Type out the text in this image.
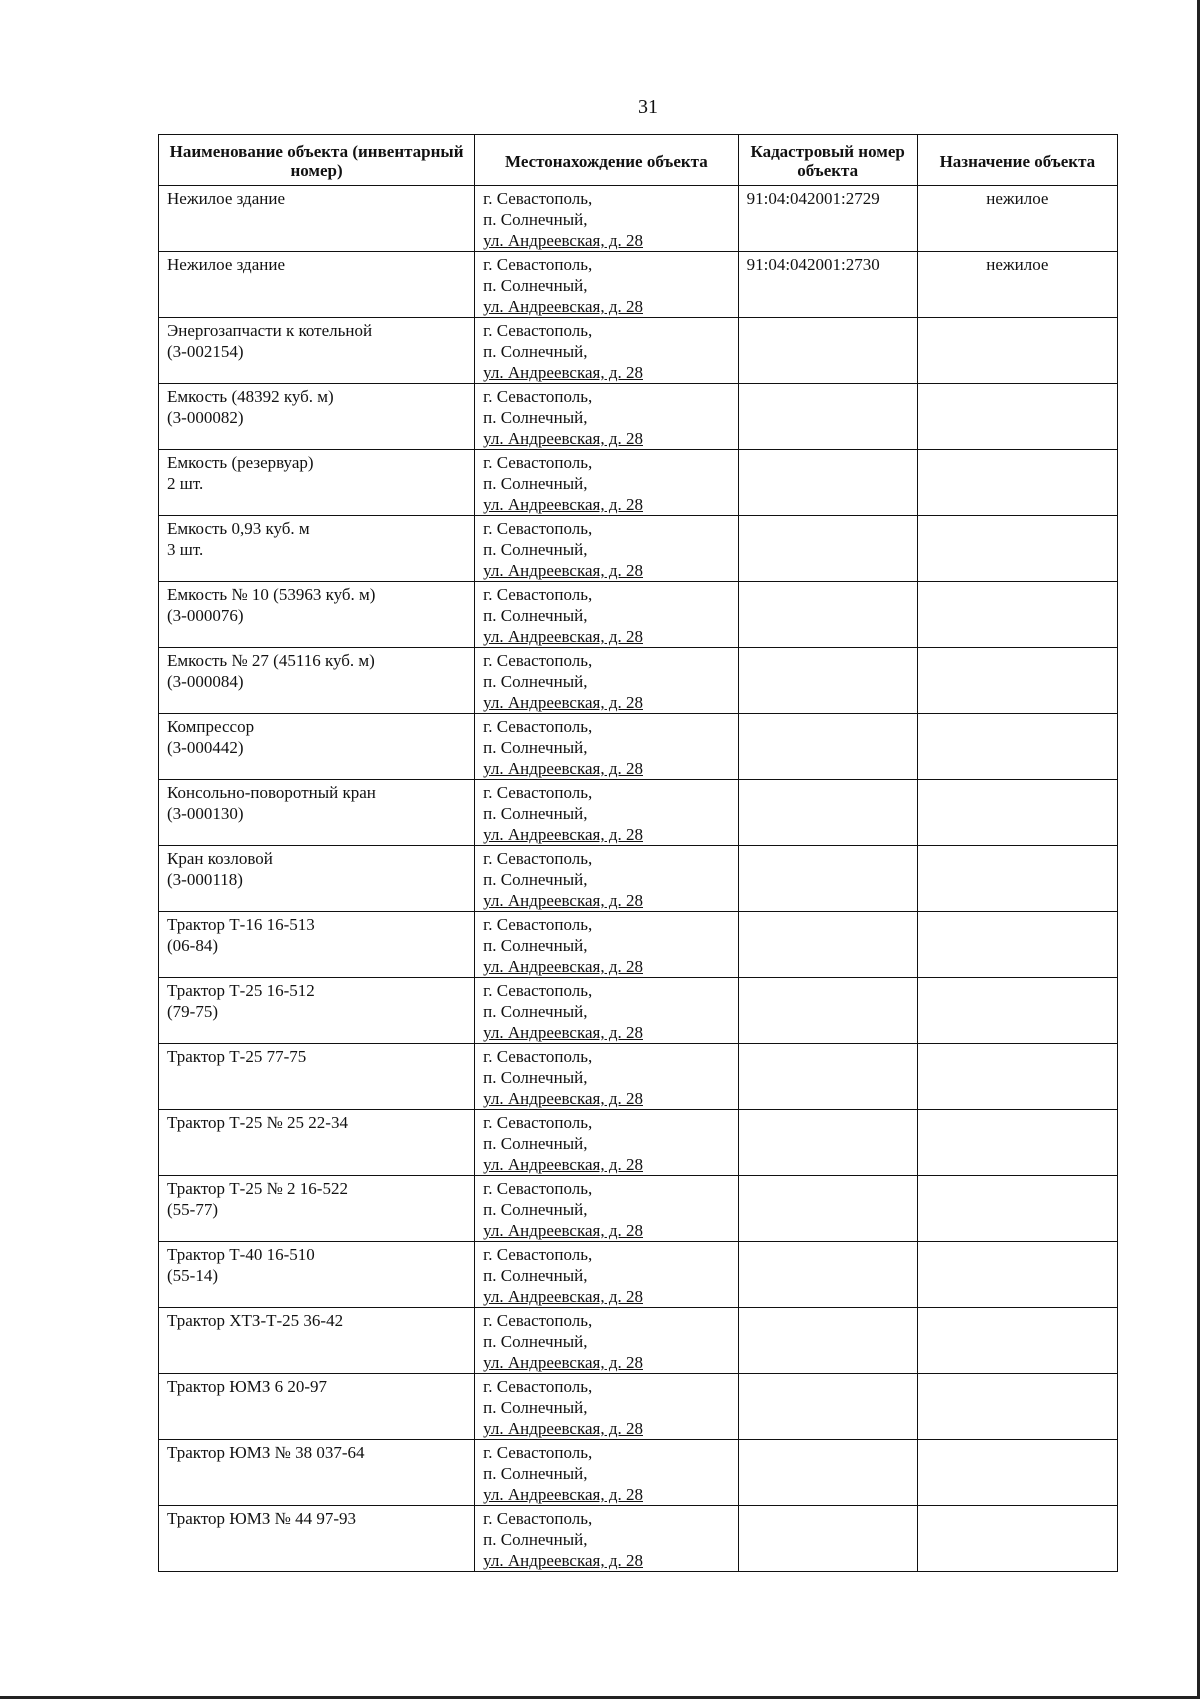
31
Наименование объекта (инвентарный номер)	Местонахождение объекта	Кадастровый номер объекта	Назначение объекта

Нежилое здание	г. Севастополь,
п. Солнечный,
ул. Андреевская, д. 28	91:04:042001:2729	нежилое

Нежилое здание	г. Севастополь,
п. Солнечный,
ул. Андреевская, д. 28	91:04:042001:2730	нежилое

Энергозапчасти к котельной
(3-002154)	г. Севастополь,
п. Солнечный,
ул. Андреевская, д. 28		

Емкость (48392 куб. м)
(3-000082)	г. Севастополь,
п. Солнечный,
ул. Андреевская, д. 28		

Емкость (резервуар)
2 шт.	г. Севастополь,
п. Солнечный,
ул. Андреевская, д. 28		

Емкость 0,93 куб. м
3 шт.	г. Севастополь,
п. Солнечный,
ул. Андреевская, д. 28		

Емкость № 10 (53963 куб. м)
(3-000076)	г. Севастополь,
п. Солнечный,
ул. Андреевская, д. 28		

Емкость № 27 (45116 куб. м)
(3-000084)	г. Севастополь,
п. Солнечный,
ул. Андреевская, д. 28		

Компрессор
(3-000442)	г. Севастополь,
п. Солнечный,
ул. Андреевская, д. 28		

Консольно-поворотный кран
(3-000130)	г. Севастополь,
п. Солнечный,
ул. Андреевская, д. 28		

Кран козловой
(3-000118)	г. Севастополь,
п. Солнечный,
ул. Андреевская, д. 28		

Трактор Т-16 16-513
(06-84)	г. Севастополь,
п. Солнечный,
ул. Андреевская, д. 28		

Трактор Т-25 16-512
(79-75)	г. Севастополь,
п. Солнечный,
ул. Андреевская, д. 28		

Трактор Т-25 77-75	г. Севастополь,
п. Солнечный,
ул. Андреевская, д. 28		

Трактор Т-25 № 25 22-34	г. Севастополь,
п. Солнечный,
ул. Андреевская, д. 28		

Трактор Т-25 № 2 16-522
(55-77)	г. Севастополь,
п. Солнечный,
ул. Андреевская, д. 28		

Трактор Т-40 16-510
(55-14)	г. Севастополь,
п. Солнечный,
ул. Андреевская, д. 28		

Трактор ХТЗ-Т-25 36-42	г. Севастополь,
п. Солнечный,
ул. Андреевская, д. 28		

Трактор ЮМЗ 6 20-97	г. Севастополь,
п. Солнечный,
ул. Андреевская, д. 28		

Трактор ЮМЗ № 38 037-64	г. Севастополь,
п. Солнечный,
ул. Андреевская, д. 28		

Трактор ЮМЗ № 44 97-93	г. Севастополь,
п. Солнечный,
ул. Андреевская, д. 28		
